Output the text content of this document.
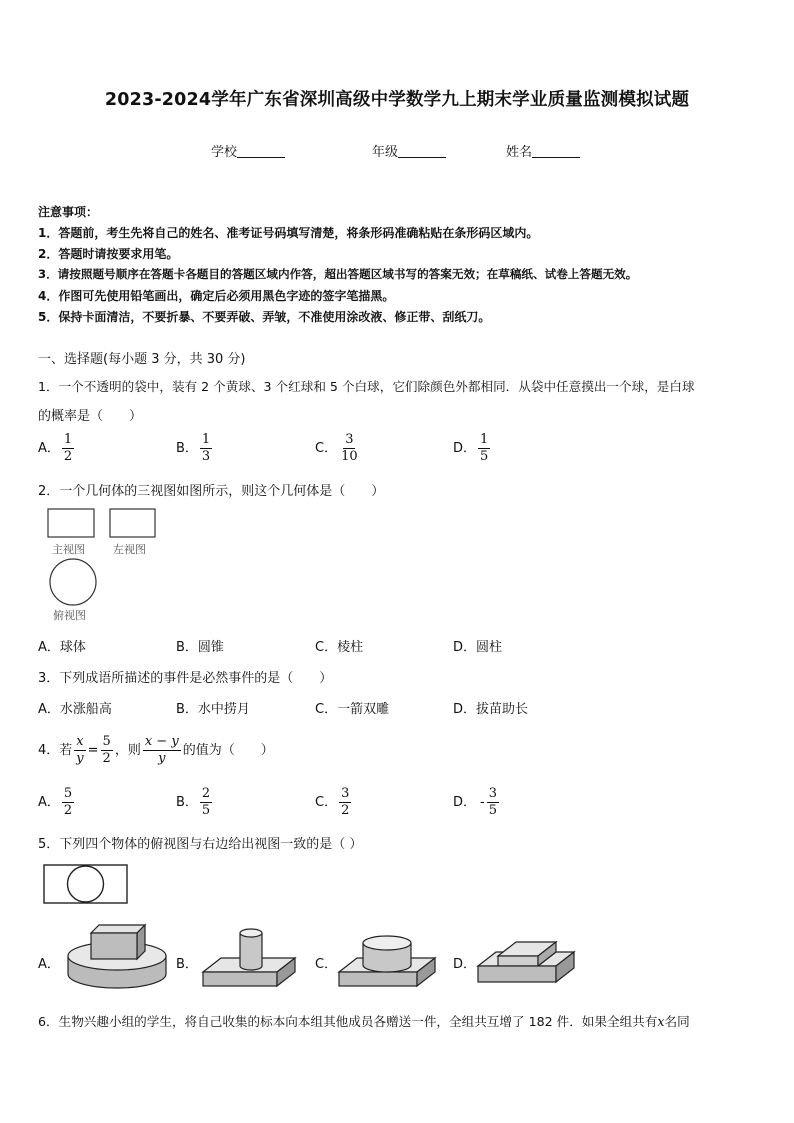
2023-2024学年广东省深圳高级中学数学九上期末学业质量监测模拟试题
学校	年级	姓名
注意事项：
1．答题前，考生先将自己的姓名、准考证号码填写清楚，将条形码准确粘贴在条形码区域内。
2．答题时请按要求用笔。
3．请按照题号顺序在答题卡各题目的答题区域内作答，超出答题区域书写的答案无效；在草稿纸、试卷上答题无效。
4．作图可先使用铅笔画出，确定后必须用黑色字迹的签字笔描黑。
5．保持卡面清洁，不要折暴、不要弄破、弄皱，不准使用涂改液、修正带、刮纸刀。
一、选择题(每小题 3 分，共 30 分)
1．一个不透明的袋中，装有 2 个黄球、3 个红球和 5 个白球，它们除颜色外都相同．从袋中任意摸出一个球，是白球
的概率是（　　）
A． $\frac{1}{2}$	B． $\frac{1}{3}$	C． $\frac{3}{10}$	D． $\frac{1}{5}$
2．一个几何体的三视图如图所示，则这个几何体是（　　）
主视图	左视图
俯视图
A．球体	B．圆锥	C．棱柱	D．圆柱
3．下列成语所描述的事件是必然事件的是（　　）
A．水涨船高	B．水中捞月	C．一箭双雕	D．拔苗助长
4．若 $\frac{x}{y} = \frac{5}{2}$ ，则 $\frac{x - y}{y}$ 的值为（　　）
A． $\frac{5}{2}$	B． $\frac{2}{5}$	C． $\frac{3}{2}$	D． - $\frac{3}{5}$
5．下列四个物体的俯视图与右边给出视图一致的是（ ）
A．	B．	C．	D．
6．生物兴趣小组的学生，将自己收集的标本向本组其他成员各赠送一件，全组共互增了 182 件．如果全组共有x名同
